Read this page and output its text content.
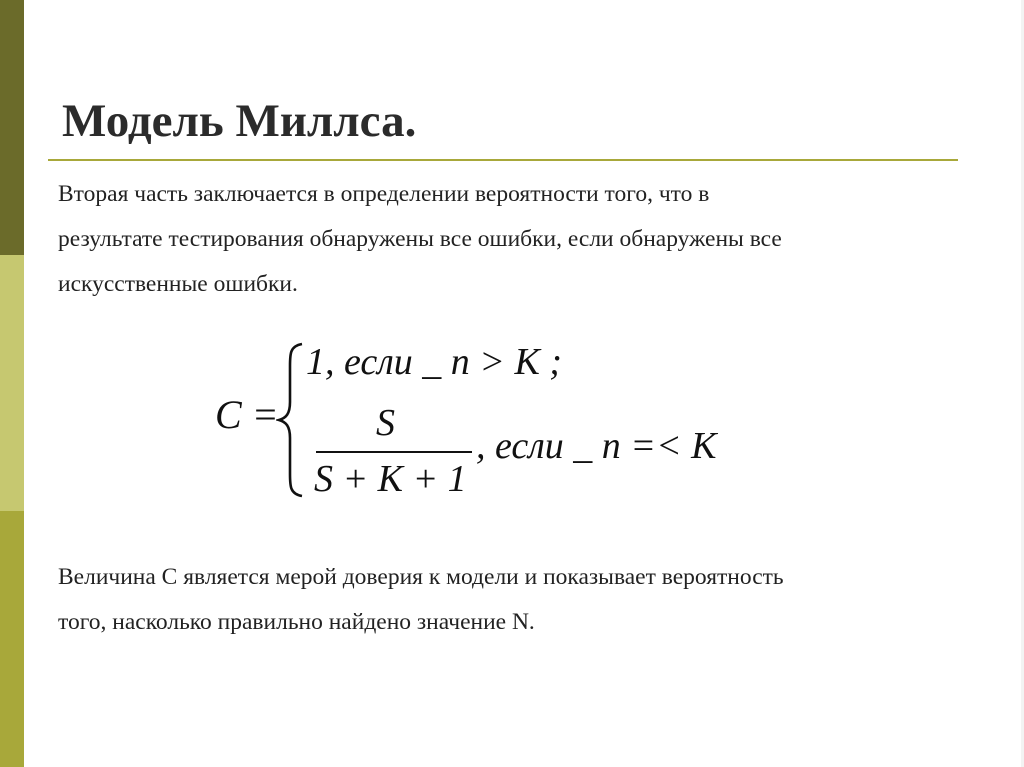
Модель Миллса.
Вторая часть заключается в определении вероятности того, что в
результате тестирования обнаружены все ошибки, если обнаружены все
искусственные ошибки.
C =
1, если _ n > K ;
S
S + K + 1
, если _ n =< K
Величина C является мерой доверия к модели и показывает вероятность
того, насколько правильно найдено значение N.
